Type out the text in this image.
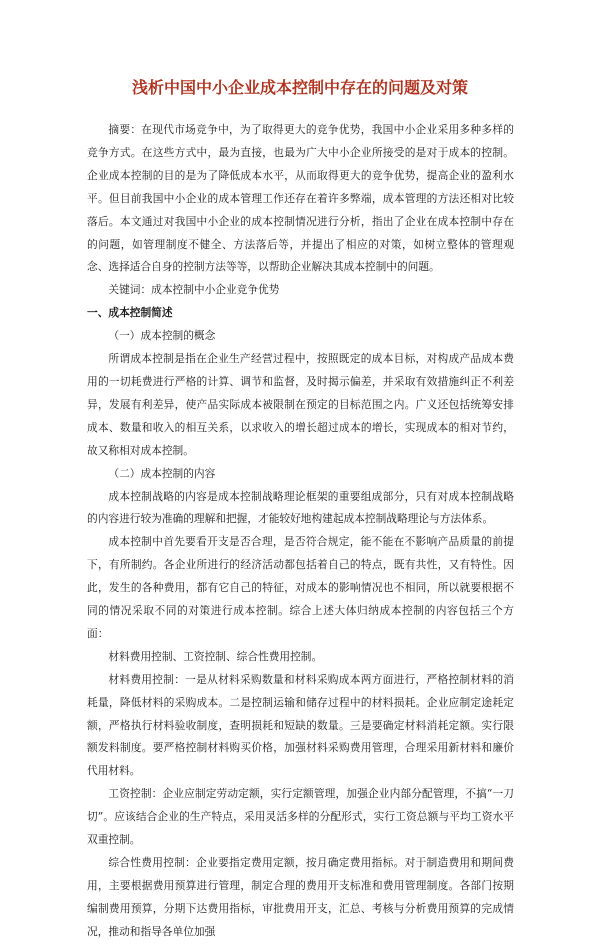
浅析中国中小企业成本控制中存在的问题及对策

摘要：在现代市场竞争中，为了取得更大的竞争优势，我国中小企业采用多种多样的竞争方式。在这些方式中，最为直接，也最为广大中小企业所接受的是对于成本的控制。企业成本控制的目的是为了降低成本水平，从而取得更大的竞争优势，提高企业的盈利水平。但目前我国中小企业的成本管理工作还存在着许多弊端，成本管理的方法还相对比较落后。本文通过对我国中小企业的成本控制情况进行分析，指出了企业在成本控制中存在的问题，如管理制度不健全、方法落后等，并提出了相应的对策，如树立整体的管理观念、选择适合自身的控制方法等等，以帮助企业解决其成本控制中的问题。

关键词：成本控制中小企业竞争优势

一、成本控制简述

（一）成本控制的概念

所谓成本控制是指在企业生产经营过程中，按照既定的成本目标，对构成产品成本费用的一切耗费进行严格的计算、调节和监督，及时揭示偏差，并采取有效措施纠正不利差异，发展有利差异，使产品实际成本被限制在预定的目标范围之内。广义还包括统筹安排成本、数量和收入的相互关系，以求收入的增长超过成本的增长，实现成本的相对节约，故又称相对成本控制。

（二）成本控制的内容

成本控制战略的内容是成本控制战略理论框架的重要组成部分，只有对成本控制战略的内容进行较为准确的理解和把握，才能较好地构建起成本控制战略理论与方法体系。

成本控制中首先要看开支是否合理，是否符合规定，能不能在不影响产品质量的前提下，有所制约。各企业所进行的经济活动都包括着自己的特点，既有共性，又有特性。因此，发生的各种费用，都有它自己的特征，对成本的影响情况也不相同，所以就要根据不同的情况采取不同的对策进行成本控制。综合上述大体归纳成本控制的内容包括三个方面：

材料费用控制、工资控制、综合性费用控制。

材料费用控制：一是从材料采购数量和材料采购成本两方面进行，严格控制材料的消耗量，降低材料的采购成本。二是控制运输和储存过程中的材料损耗。企业应制定途耗定额，严格执行材料验收制度，查明损耗和短缺的数量。三是要确定材料消耗定额。实行限额发料制度。要严格控制材料购买价格，加强材料采购费用管理，合理采用新材料和廉价代用材料。

工资控制：企业应制定劳动定额，实行定额管理，加强企业内部分配管理，不搞“一刀切”。应该结合企业的生产特点，采用灵活多样的分配形式，实行工资总额与平均工资水平双重控制。

综合性费用控制：企业要指定费用定额，按月确定费用指标。对于制造费用和期间费用，主要根据费用预算进行管理，制定合理的费用开支标准和费用管理制度。各部门按期编制费用预算，分期下达费用指标，审批费用开支，汇总、考核与分析费用预算的完成情况，推动和指导各单位加强
